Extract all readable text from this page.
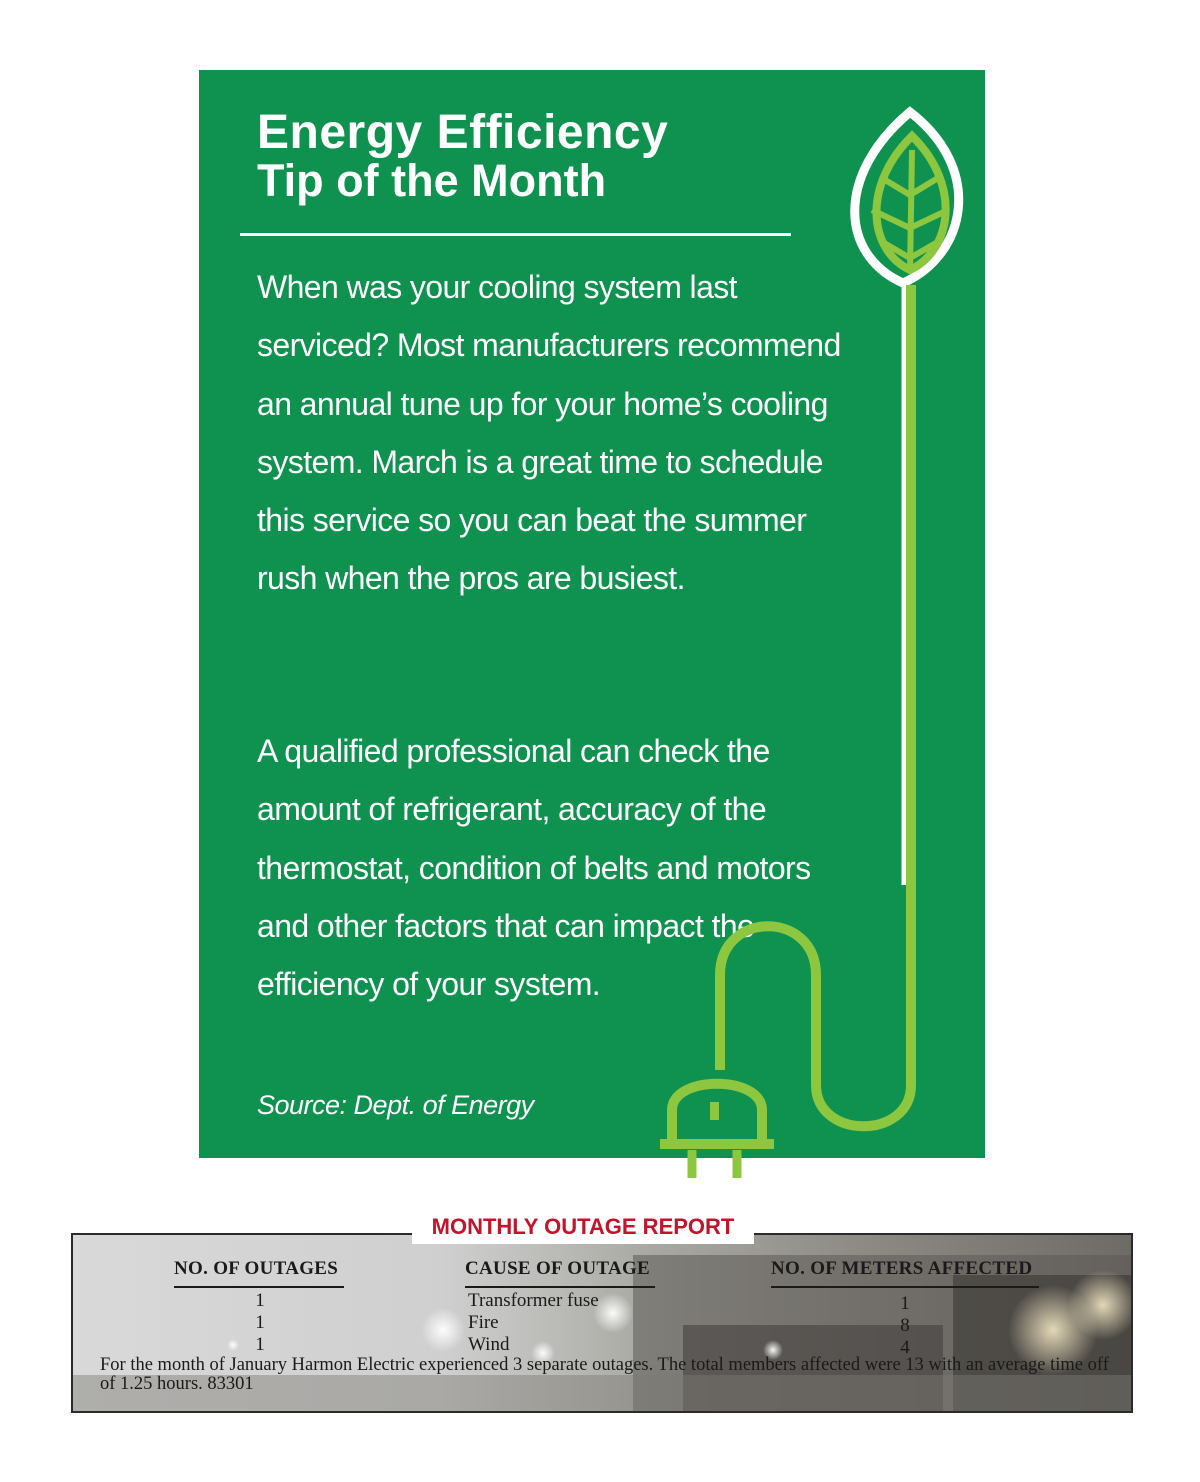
Energy Efficiency
Tip of the Month

When was your cooling system last serviced? Most manufacturers recommend an annual tune up for your home’s cooling system. March is a great time to schedule this service so you can beat the summer rush when the pros are busiest.

A qualified professional can check the amount of refrigerant, accuracy of the thermostat, condition of belts and motors and other factors that can impact the efficiency of your system.

Source: Dept. of Energy

MONTHLY OUTAGE REPORT

NO. OF OUTAGES	CAUSE OF OUTAGE	NO. OF METERS AFFECTED

1

1

1

Transformer fuse

Fire

Wind

1

8

4

For the month of January Harmon Electric experienced 3 separate outages. The total members affected were 13 with an average time off of 1.25 hours. 83301
